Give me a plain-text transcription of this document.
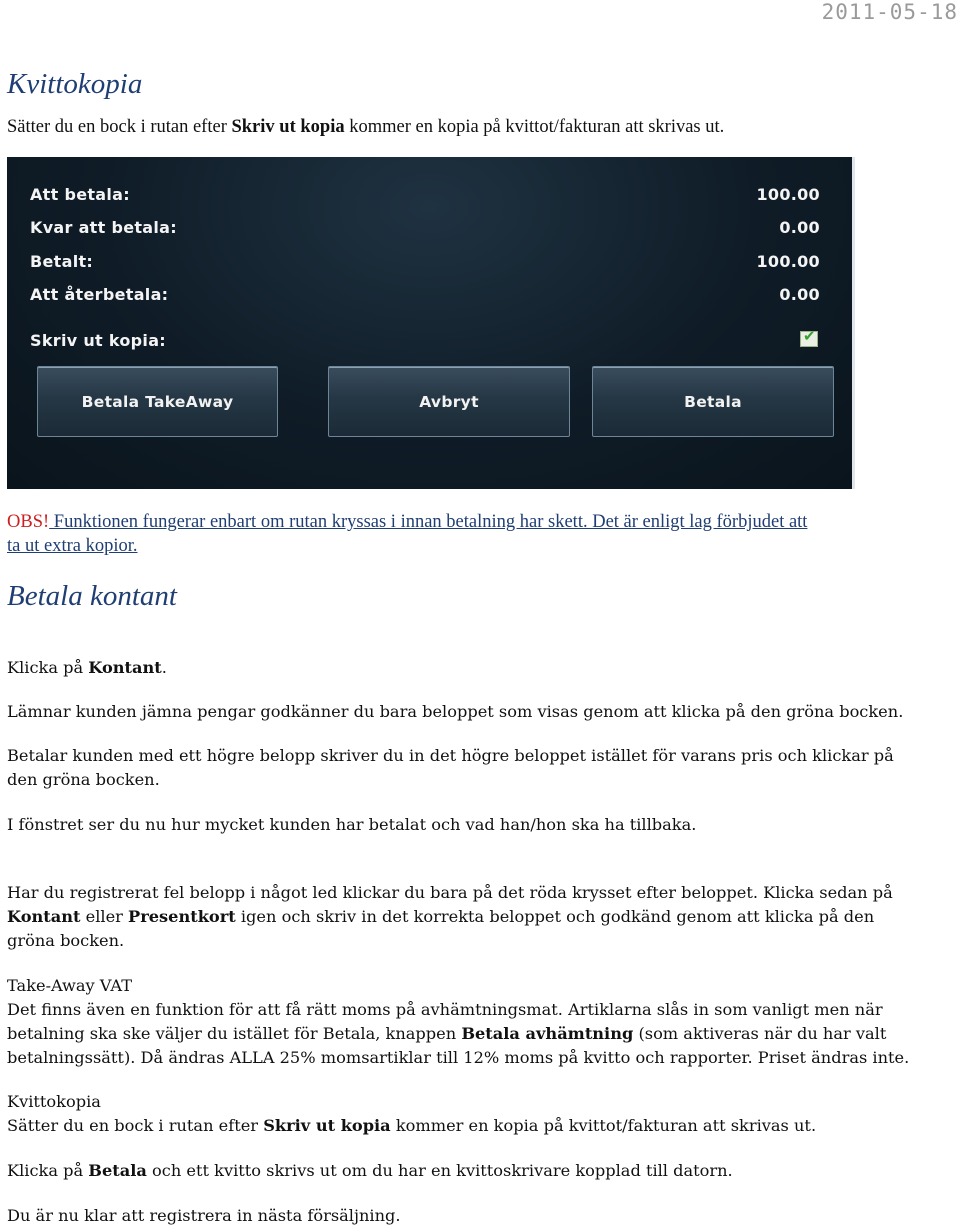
2011-05-18
Kvittokopia
Sätter du en bock i rutan efter Skriv ut kopia kommer en kopia på kvittot/fakturan att skrivas ut.
Att betala:	100.00
Kvar att betala:	0.00
Betalt:	100.00
Att återbetala:	0.00
Skriv ut kopia:	✔
Betala TakeAway	Avbryt	Betala
OBS! Funktionen fungerar enbart om rutan kryssas i innan betalning har skett. Det är enligt lag förbjudet att
ta ut extra kopior.
Betala kontant
Klicka på Kontant.
Lämnar kunden jämna pengar godkänner du bara beloppet som visas genom att klicka på den gröna bocken.
Betalar kunden med ett högre belopp skriver du in det högre beloppet istället för varans pris och klickar på
den gröna bocken.
I fönstret ser du nu hur mycket kunden har betalat och vad han/hon ska ha tillbaka.
Har du registrerat fel belopp i något led klickar du bara på det röda krysset efter beloppet. Klicka sedan på
Kontant eller Presentkort igen och skriv in det korrekta beloppet och godkänd genom att klicka på den
gröna bocken.
Take-Away VAT
Det finns även en funktion för att få rätt moms på avhämtningsmat. Artiklarna slås in som vanligt men när
betalning ska ske väljer du istället för Betala, knappen Betala avhämtning (som aktiveras när du har valt
betalningssätt). Då ändras ALLA 25% momsartiklar till 12% moms på kvitto och rapporter. Priset ändras inte.
Kvittokopia
Sätter du en bock i rutan efter Skriv ut kopia kommer en kopia på kvittot/fakturan att skrivas ut.
Klicka på Betala och ett kvitto skrivs ut om du har en kvittoskrivare kopplad till datorn.
Du är nu klar att registrera in nästa försäljning.
